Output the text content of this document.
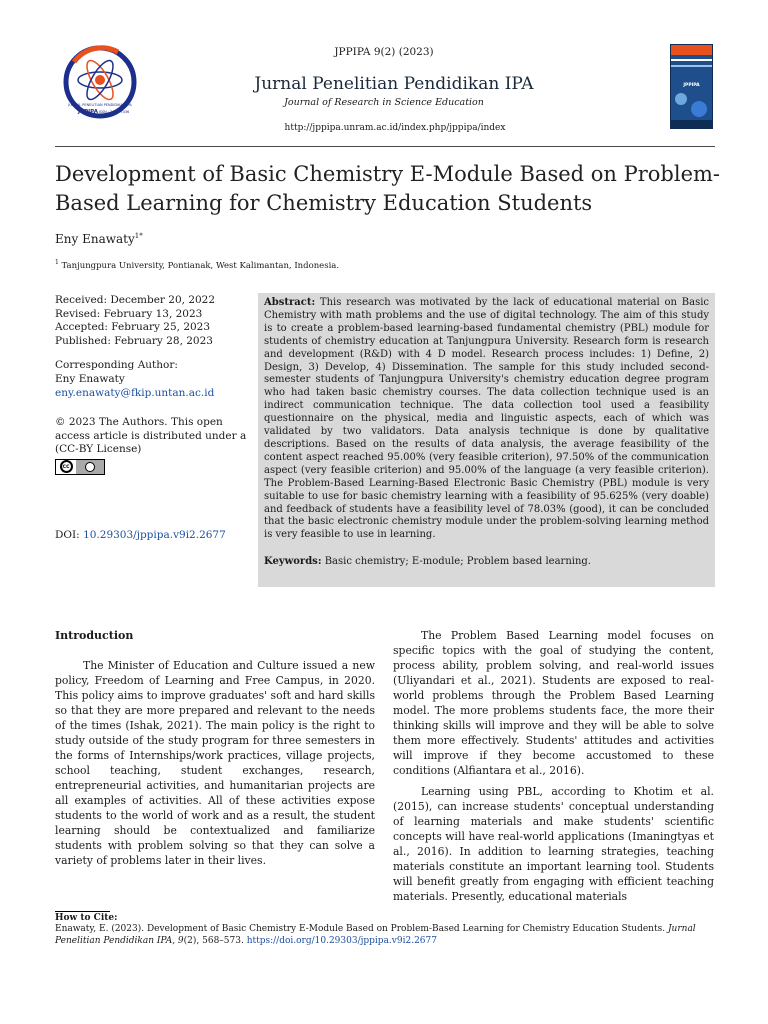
JURNAL PENELITIAN PENDIDIKAN IPA
JPPIPA ISSN : 2460-7436
JPPIPA
JPPIPA 9(2) (2023)
Jurnal Penelitian Pendidikan IPA
Journal of Research in Science Education
http://jppipa.unram.ac.id/index.php/jppipa/index
Development of Basic Chemistry E-Module Based on Problem-Based Learning for Chemistry Education Students
Eny Enawaty$^{1*}$
$^1$ Tanjungpura University, Pontianak, West Kalimantan, Indonesia.
Received: December 20, 2022
Revised: February 13, 2023
Accepted: February 25, 2023
Published: February 28, 2023
Corresponding Author:
Eny Enawaty
eny.enawaty@fkip.untan.ac.id
© 2023 The Authors. This open access article is distributed under a (CC-BY License)
cc
DOI: 10.29303/jppipa.v9i2.2677
Abstract: This research was motivated by the lack of educational material on Basic Chemistry with math problems and the use of digital technology. The aim of this study is to create a problem-based learning-based fundamental chemistry (PBL) module for students of chemistry education at Tanjungpura University. Research form is research and development (R&D) with 4 D model. Research process includes: 1) Define, 2) Design, 3) Develop, 4) Dissemination. The sample for this study included second-semester students of Tanjungpura University's chemistry education degree program who had taken basic chemistry courses. The data collection technique used is an indirect communication technique. The data collection tool used a feasibility questionnaire on the physical, media and linguistic aspects, each of which was validated by two validators. Data analysis technique is done by qualitative descriptions. Based on the results of data analysis, the average feasibility of the content aspect reached 95.00% (very feasible criterion), 97.50% of the communication aspect (very feasible criterion) and 95.00% of the language (a very feasible criterion). The Problem-Based Learning-Based Electronic Basic Chemistry (PBL) module is very suitable to use for basic chemistry learning with a feasibility of 95.625% (very doable) and feedback of students have a feasibility level of 78.03% (good), it can be concluded that the basic electronic chemistry module under the problem-solving learning method is very feasible to use in learning.
Keywords: Basic chemistry; E-module; Problem based learning.

Introduction

The Minister of Education and Culture issued a new policy, Freedom of Learning and Free Campus, in 2020. This policy aims to improve graduates' soft and hard skills so that they are more prepared and relevant to the needs of the times (Ishak, 2021). The main policy is the right to study outside of the study program for three semesters in the forms of Internships/work practices, village projects, school teaching, student exchanges, research, entrepreneurial activities, and humanitarian projects are all examples of activities. All of these activities expose students to the world of work and as a result, the student learning should be contextualized and familiarize students with problem solving so that they can solve a variety of problems later in their lives.

The Problem Based Learning model focuses on specific topics with the goal of studying the content, process ability, problem solving, and real-world issues (Uliyandari et al., 2021). Students are exposed to real-world problems through the Problem Based Learning model. The more problems students face, the more their thinking skills will improve and they will be able to solve them more effectively. Students' attitudes and activities will improve if they become accustomed to these conditions (Alfiantara et al., 2016).

Learning using PBL, according to Khotim et al. (2015), can increase students' conceptual understanding of learning materials and make students' scientific concepts will have real-world applications (Imaningtyas et al., 2016). In addition to learning strategies, teaching materials constitute an important learning tool. Students will benefit greatly from engaging with efficient teaching materials. Presently, educational materials

How to Cite:
Enawaty, E. (2023). Development of Basic Chemistry E-Module Based on Problem-Based Learning for Chemistry Education Students. Jurnal Penelitian Pendidikan IPA, 9(2), 568–573. https://doi.org/10.29303/jppipa.v9i2.2677
